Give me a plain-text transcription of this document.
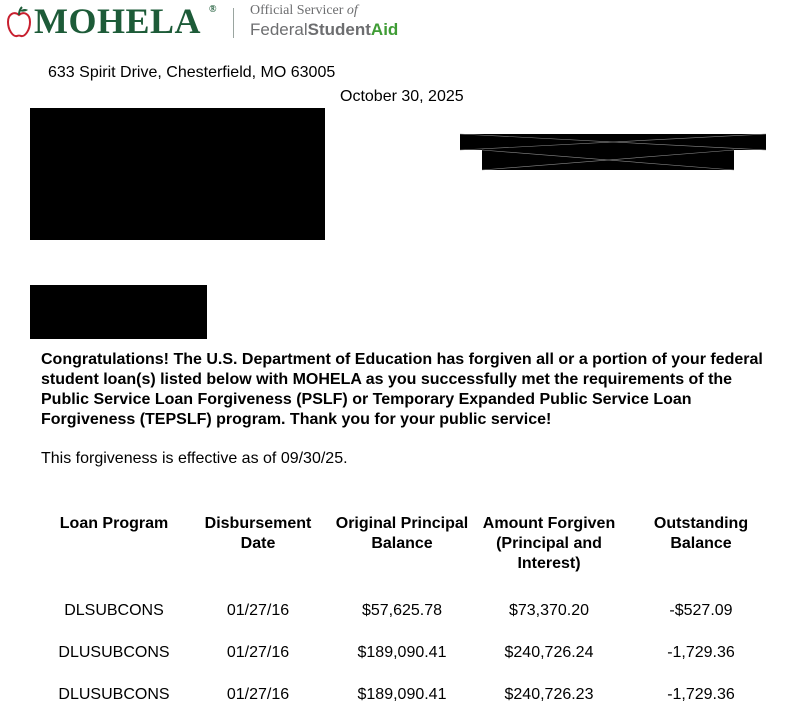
MOHELA ® Official Servicer of
FederalStudentAid
633 Spirit Drive, Chesterfield, MO 63005
October 30, 2025
Congratulations! The U.S. Department of Education has forgiven all or a portion of your federal student loan(s) listed below with MOHELA as you successfully met the requirements of the Public Service Loan Forgiveness (PSLF) or Temporary Expanded Public Service Loan Forgiveness (TEPSLF) program. Thank you for your public service!
This forgiveness is effective as of 09/30/25.
Loan Program	Disbursement Date	Original Principal Balance	Amount Forgiven (Principal and Interest)	Outstanding Balance
DLSUBCONS	01/27/16	$57,625.78	$73,370.20	-$527.09
DLUSUBCONS	01/27/16	$189,090.41	$240,726.24	-1,729.36
DLUSUBCONS	01/27/16	$189,090.41	$240,726.23	-1,729.36
